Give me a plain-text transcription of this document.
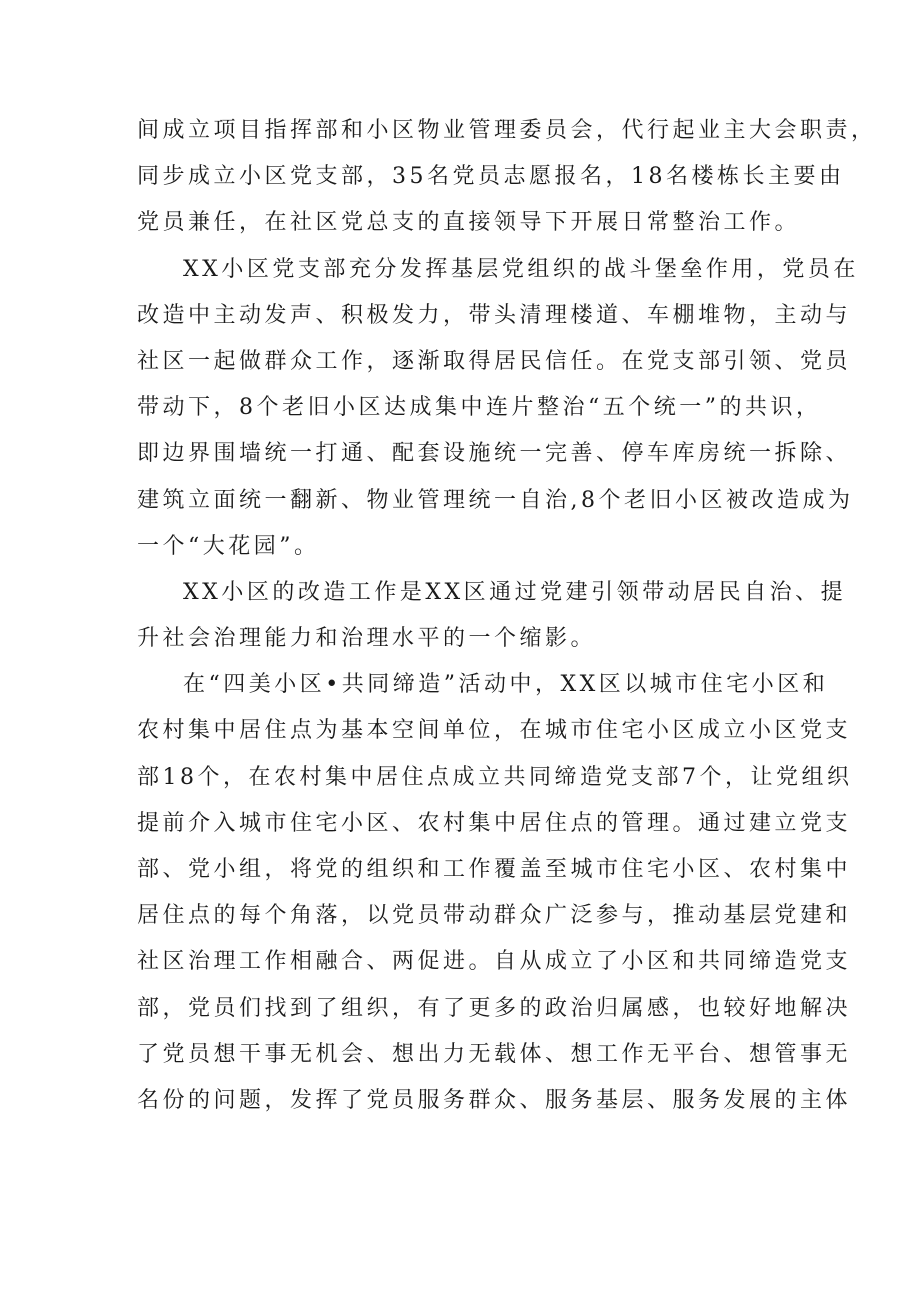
间成立项目指挥部和小区物业管理委员会，代行起业主大会职责，
同步成立小区党支部，35名党员志愿报名，18名楼栋长主要由
党员兼任，在社区党总支的直接领导下开展日常整治工作。
XX小区党支部充分发挥基层党组织的战斗堡垒作用，党员在
改造中主动发声、积极发力，带头清理楼道、车棚堆物，主动与
社区一起做群众工作，逐渐取得居民信任。在党支部引领、党员
带动下，8个老旧小区达成集中连片整治“五个统一”的共识，
即边界围墙统一打通、配套设施统一完善、停车库房统一拆除、
建筑立面统一翻新、物业管理统一自治,8个老旧小区被改造成为
一个“大花园”。
XX小区的改造工作是XX区通过党建引领带动居民自治、提
升社会治理能力和治理水平的一个缩影。
在“四美小区•共同缔造”活动中，XX区以城市住宅小区和
农村集中居住点为基本空间单位，在城市住宅小区成立小区党支
部18个，在农村集中居住点成立共同缔造党支部7个，让党组织
提前介入城市住宅小区、农村集中居住点的管理。通过建立党支
部、党小组，将党的组织和工作覆盖至城市住宅小区、农村集中
居住点的每个角落，以党员带动群众广泛参与，推动基层党建和
社区治理工作相融合、两促进。自从成立了小区和共同缔造党支
部，党员们找到了组织，有了更多的政治归属感，也较好地解决
了党员想干事无机会、想出力无载体、想工作无平台、想管事无
名份的问题，发挥了党员服务群众、服务基层、服务发展的主体
